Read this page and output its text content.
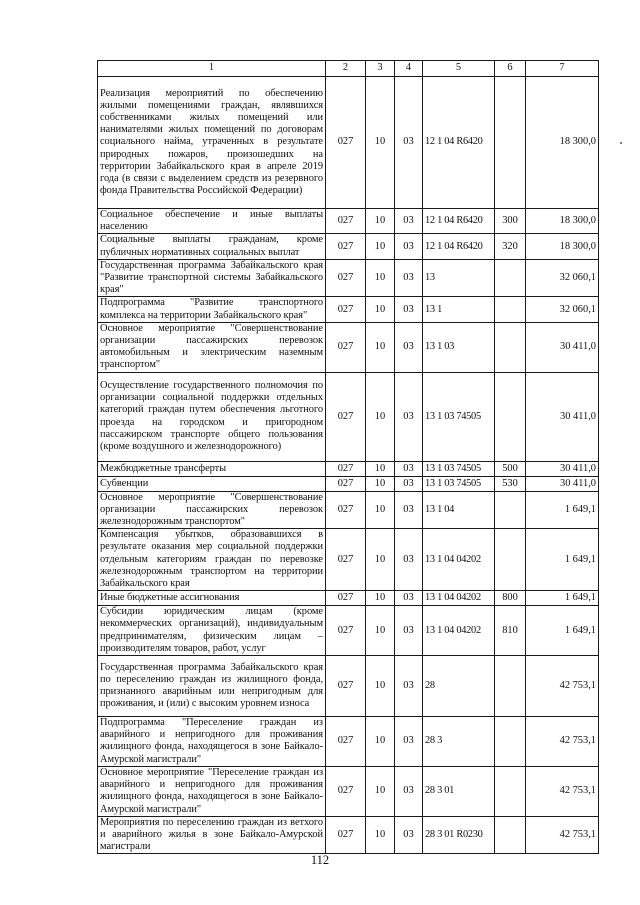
1	2	3	4	5	6	7
Реализация мероприятий по обеспечению жилыми помещениями граждан, являвшихся собственниками жилых помещений или нанимателями жилых помещений по договорам социального найма, утраченных в результате природных пожаров, произошедших на территории Забайкальского края в апреле 2019 года (в связи с выделением средств из резервного фонда Правительства Российской Федерации)	027	10	03	12 1 04 R6420		18 300,0
Социальное обеспечение и иные выплаты населению	027	10	03	12 1 04 R6420	300	18 300,0
Социальные выплаты гражданам, кроме публичных нормативных социальных выплат	027	10	03	12 1 04 R6420	320	18 300,0
Государственная программа Забайкальского края "Развитие транспортной системы Забайкальского края"	027	10	03	13		32 060,1
Подпрограмма "Развитие транспортного комплекса на территории Забайкальского края"	027	10	03	13 1		32 060,1
Основное мероприятие "Совершенствование организации пассажирских перевозок автомобильным и электрическим наземным транспортом"	027	10	03	13 1 03		30 411,0
Осуществление государственного полномочия по организации социальной поддержки отдельных категорий граждан путем обеспечения льготного проезда на городском и пригородном пассажирском транспорте общего пользования (кроме воздушного и железнодорожного)	027	10	03	13 1 03 74505		30 411,0
Межбюджетные трансферты	027	10	03	13 1 03 74505	500	30 411,0
Субвенции	027	10	03	13 1 03 74505	530	30 411,0
Основное мероприятие "Совершенствование организации пассажирских перевозок железнодорожным транспортом"	027	10	03	13 1 04		1 649,1
Компенсация убытков, образовавшихся в результате оказания мер социальной поддержки отдельным категориям граждан по перевозке железнодорожным транспортом на территории Забайкальского края	027	10	03	13 1 04 04202		1 649,1
Иные бюджетные ассигнования	027	10	03	13 1 04 04202	800	1 649,1
Субсидии юридическим лицам (кроме некоммерческих организаций), индивидуальным предпринимателям, физическим лицам – производителям товаров, работ, услуг	027	10	03	13 1 04 04202	810	1 649,1
Государственная программа Забайкальского края по переселению граждан из жилищного фонда, признанного аварийным или непригодным для проживания, и (или) с высоким уровнем износа	027	10	03	28		42 753,1
Подпрограмма "Переселение граждан из аварийного и непригодного для проживания жилищного фонда, находящегося в зоне Байкало-Амурской магистрали"	027	10	03	28 3		42 753,1
Основное мероприятие "Переселение граждан из аварийного и непригодного для проживания жилищного фонда, находящегося в зоне Байкало-Амурской магистрали"	027	10	03	28 3 01		42 753,1
Мероприятия по переселению граждан из ветхого и аварийного жилья в зоне Байкало-Амурской магистрали	027	10	03	28 3 01 R0230		42 753,1
112
